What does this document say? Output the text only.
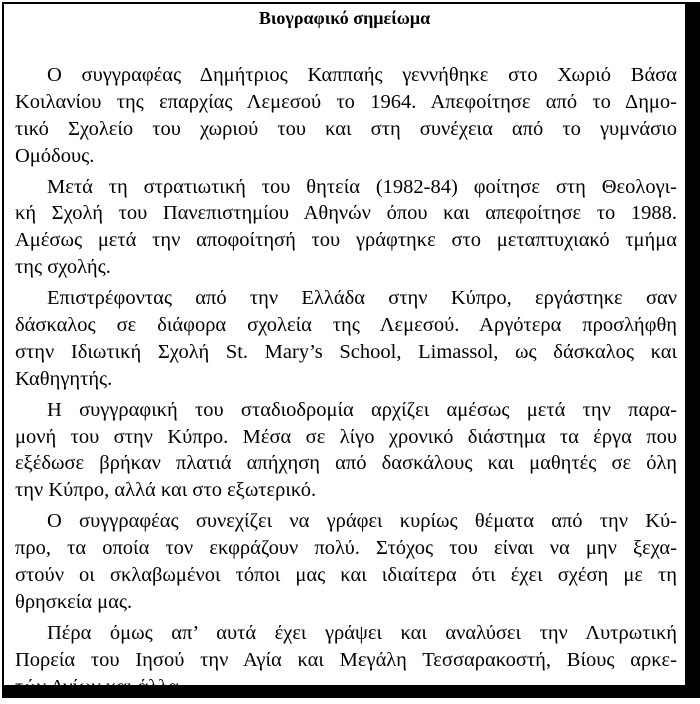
Βιογραφικό σημείωμα

Ο συγγραφέας Δημήτριος Καππαής γεννήθηκε στο Χωριό Βάσα
Κοιλανίου της επαρχίας Λεμεσού το 1964. Απεφοίτησε από το Δημο-
τικό Σχολείο του χωριού του και στη συνέχεια από το γυμνάσιο
Ομόδους.

Μετά τη στρατιωτική του θητεία (1982-84) φοίτησε στη Θεολογι-
κή Σχολή του Πανεπιστημίου Αθηνών όπου και απεφοίτησε το 1988.
Αμέσως μετά την αποφοίτησή του γράφτηκε στο μεταπτυχιακό τμήμα
της σχολής.

Επιστρέφοντας από την Ελλάδα στην Κύπρο, εργάστηκε σαν
δάσκαλος σε διάφορα σχολεία της Λεμεσού. Αργότερα προσλήφθη
στην Ιδιωτική Σχολή St. Mary’s School, Limassol, ως δάσκαλος και
Καθηγητής.

Η συγγραφική του σταδιοδρομία αρχίζει αμέσως μετά την παρα-
μονή του στην Κύπρο. Μέσα σε λίγο χρονικό διάστημα τα έργα που
εξέδωσε βρήκαν πλατιά απήχηση από δασκάλους και μαθητές σε όλη
την Κύπρο, αλλά και στο εξωτερικό.

Ο συγγραφέας συνεχίζει να γράφει κυρίως θέματα από την Κύ-
προ, τα οποία τον εκφράζουν πολύ. Στόχος του είναι να μην ξεχα-
στούν οι σκλαβωμένοι τόποι μας και ιδιαίτερα ότι έχει σχέση με τη
θρησκεία μας.

Πέρα όμως απ’ αυτά έχει γράψει και αναλύσει την Λυτρωτική
Πορεία του Ιησού την Αγία και Μεγάλη Τεσσαρακοστή, Βίους αρκε-
τών Αγίων και άλλα.
